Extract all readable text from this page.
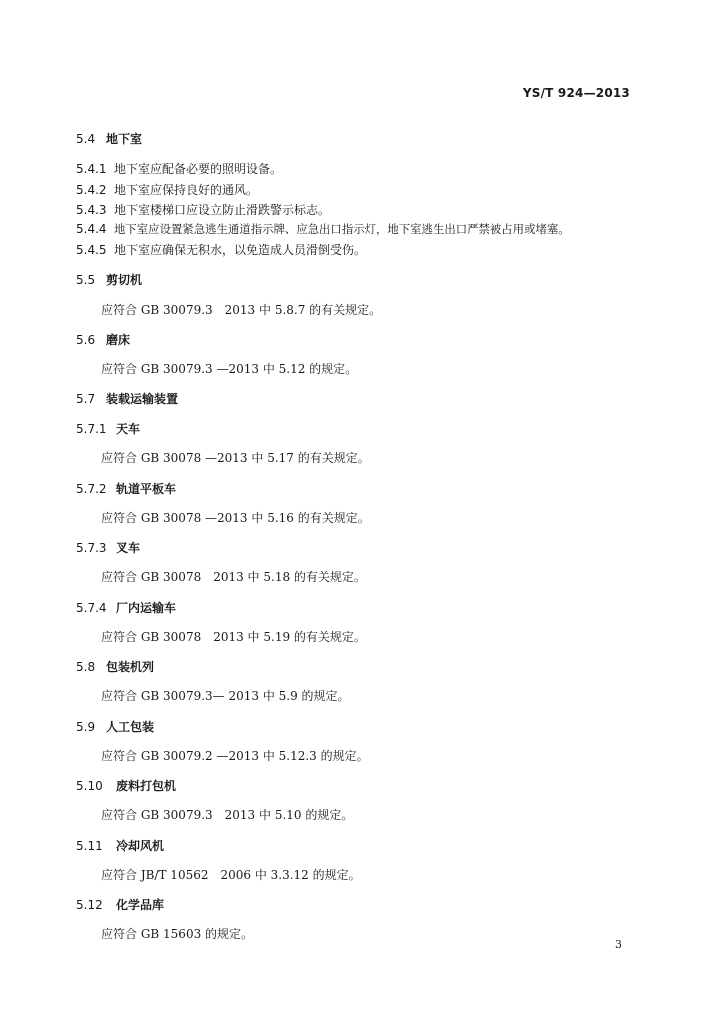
YS/T 924—2013
5.4 地下室
5.4.1 地下室应配备必要的照明设备。
5.4.2 地下室应保持良好的通风。
5.4.3 地下室楼梯口应设立防止滑跌警示标志。
5.4.4 地下室应设置紧急逃生通道指示牌、应急出口指示灯，地下室逃生出口严禁被占用或堵塞。
5.4.5 地下室应确保无积水，以免造成人员滑倒受伤。
5.5 剪切机
应符合 GB 30079.3　2013 中 5.8.7 的有关规定。
5.6 磨床
应符合 GB 30079.3 —2013 中 5.12 的规定。
5.7 装载运输装置
5.7.1 天车
应符合 GB 30078 —2013 中 5.17 的有关规定。
5.7.2 轨道平板车
应符合 GB 30078 —2013 中 5.16 的有关规定。
5.7.3 叉车
应符合 GB 30078　2013 中 5.18 的有关规定。
5.7.4 厂内运输车
应符合 GB 30078　2013 中 5.19 的有关规定。
5.8 包装机列
应符合 GB 30079.3— 2013 中 5.9 的规定。
5.9 人工包装
应符合 GB 30079.2 —2013 中 5.12.3 的规定。
5.10 废料打包机
应符合 GB 30079.3　2013 中 5.10 的规定。
5.11 冷却风机
应符合 JB/T 10562　2006 中 3.3.12 的规定。
5.12 化学品库
应符合 GB 15603 的规定。
3
